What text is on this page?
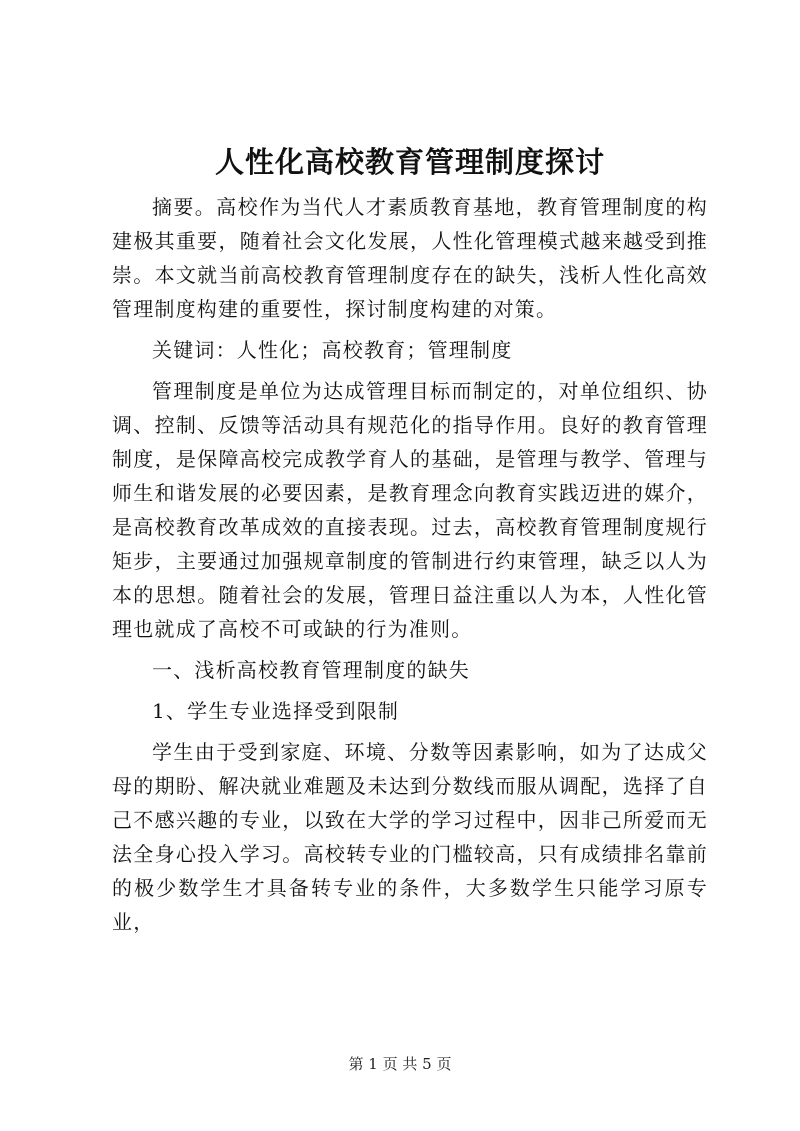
人性化高校教育管理制度探讨

摘要。高校作为当代人才素质教育基地，教育管理制度的构建极其重要，随着社会文化发展，人性化管理模式越来越受到推崇。本文就当前高校教育管理制度存在的缺失，浅析人性化高效管理制度构建的重要性，探讨制度构建的对策。

关键词：人性化；高校教育；管理制度

管理制度是单位为达成管理目标而制定的，对单位组织、协调、控制、反馈等活动具有规范化的指导作用。良好的教育管理制度，是保障高校完成教学育人的基础，是管理与教学、管理与师生和谐发展的必要因素，是教育理念向教育实践迈进的媒介，是高校教育改革成效的直接表现。过去，高校教育管理制度规行矩步，主要通过加强规章制度的管制进行约束管理，缺乏以人为本的思想。随着社会的发展，管理日益注重以人为本，人性化管理也就成了高校不可或缺的行为准则。

一、浅析高校教育管理制度的缺失

1、学生专业选择受到限制

学生由于受到家庭、环境、分数等因素影响，如为了达成父母的期盼、解决就业难题及未达到分数线而服从调配，选择了自己不感兴趣的专业，以致在大学的学习过程中，因非己所爱而无法全身心投入学习。高校转专业的门槛较高，只有成绩排名靠前的极少数学生才具备转专业的条件，大多数学生只能学习原专业，

第 1 页 共 5 页
